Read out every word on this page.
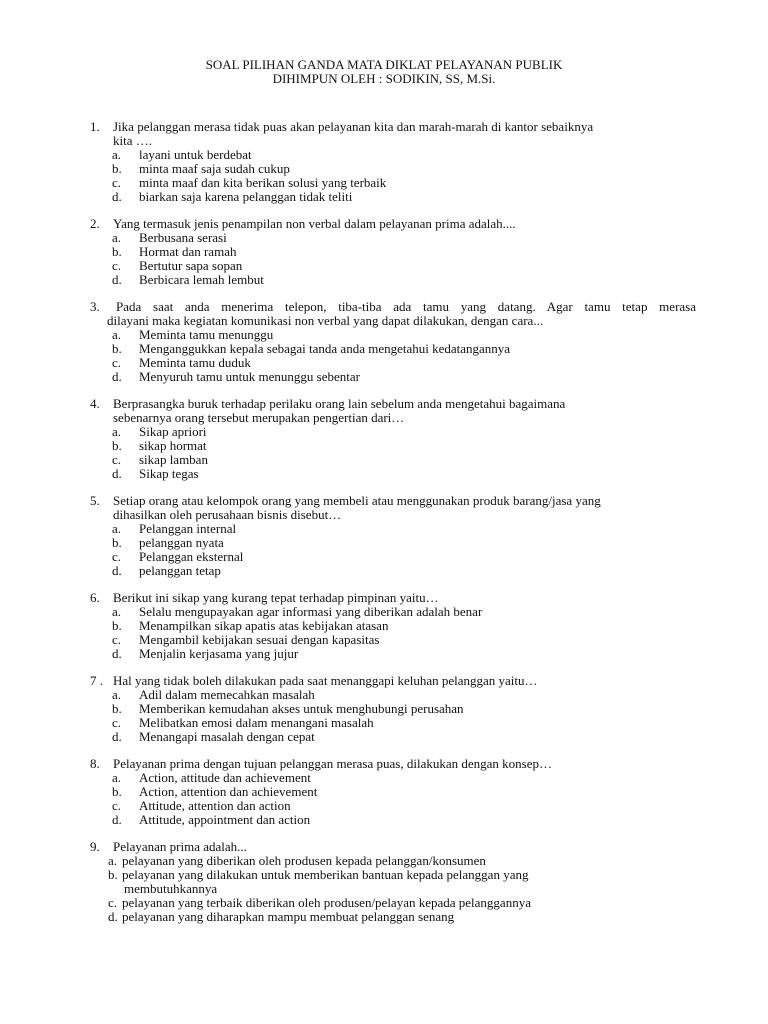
SOAL PILIHAN GANDA MATA DIKLAT PELAYANAN PUBLIK
DIHIMPUN OLEH : SODIKIN, SS, M.Si.
1. Jika pelanggan merasa tidak puas akan pelayanan kita dan marah-marah di kantor sebaiknya
kita ….
a. layani untuk berdebat
b. minta maaf saja sudah cukup
c. minta maaf dan kita berikan solusi yang terbaik
d. biarkan saja karena pelanggan tidak teliti
2. Yang termasuk jenis penampilan non verbal dalam pelayanan prima adalah....
a. Berbusana serasi
b. Hormat dan ramah
c. Bertutur sapa sopan
d. Berbicara lemah lembut
3. Pada saat anda menerima telepon, tiba-tiba ada tamu yang datang. Agar tamu tetap merasa
dilayani maka kegiatan komunikasi non verbal yang dapat dilakukan, dengan cara...
a. Meminta tamu menunggu
b. Menganggukkan kepala sebagai tanda anda mengetahui kedatangannya
c. Meminta tamu duduk
d. Menyuruh tamu untuk menunggu sebentar
4. Berprasangka buruk terhadap perilaku orang lain sebelum anda mengetahui bagaimana
sebenarnya orang tersebut merupakan pengertian dari…
a. Sikap apriori
b. sikap hormat
c. sikap lamban
d. Sikap tegas
5. Setiap orang atau kelompok orang yang membeli atau menggunakan produk barang/jasa yang
dihasilkan oleh perusahaan bisnis disebut…
a. Pelanggan internal
b. pelanggan nyata
c. Pelanggan eksternal
d. pelanggan tetap
6. Berikut ini sikap yang kurang tepat terhadap pimpinan yaitu…
a. Selalu mengupayakan agar informasi yang diberikan adalah benar
b. Menampilkan sikap apatis atas kebijakan atasan
c. Mengambil kebijakan sesuai dengan kapasitas
d. Menjalin kerjasama yang jujur
7 . Hal yang tidak boleh dilakukan pada saat menanggapi keluhan pelanggan yaitu…
a. Adil dalam memecahkan masalah
b. Memberikan kemudahan akses untuk menghubungi perusahan
c. Melibatkan emosi dalam menangani masalah
d. Menangapi masalah dengan cepat
8. Pelayanan prima dengan tujuan pelanggan merasa puas, dilakukan dengan konsep…
a. Action, attitude dan achievement
b. Action, attention dan achievement
c. Attitude, attention dan action
d. Attitude, appointment dan action
9. Pelayanan prima adalah...
a. pelayanan yang diberikan oleh produsen kepada pelanggan/konsumen
b. pelayanan yang dilakukan untuk memberikan bantuan kepada pelanggan yang
membutuhkannya
c. pelayanan yang terbaik diberikan oleh produsen/pelayan kepada pelanggannya
d. pelayanan yang diharapkan mampu membuat pelanggan senang
